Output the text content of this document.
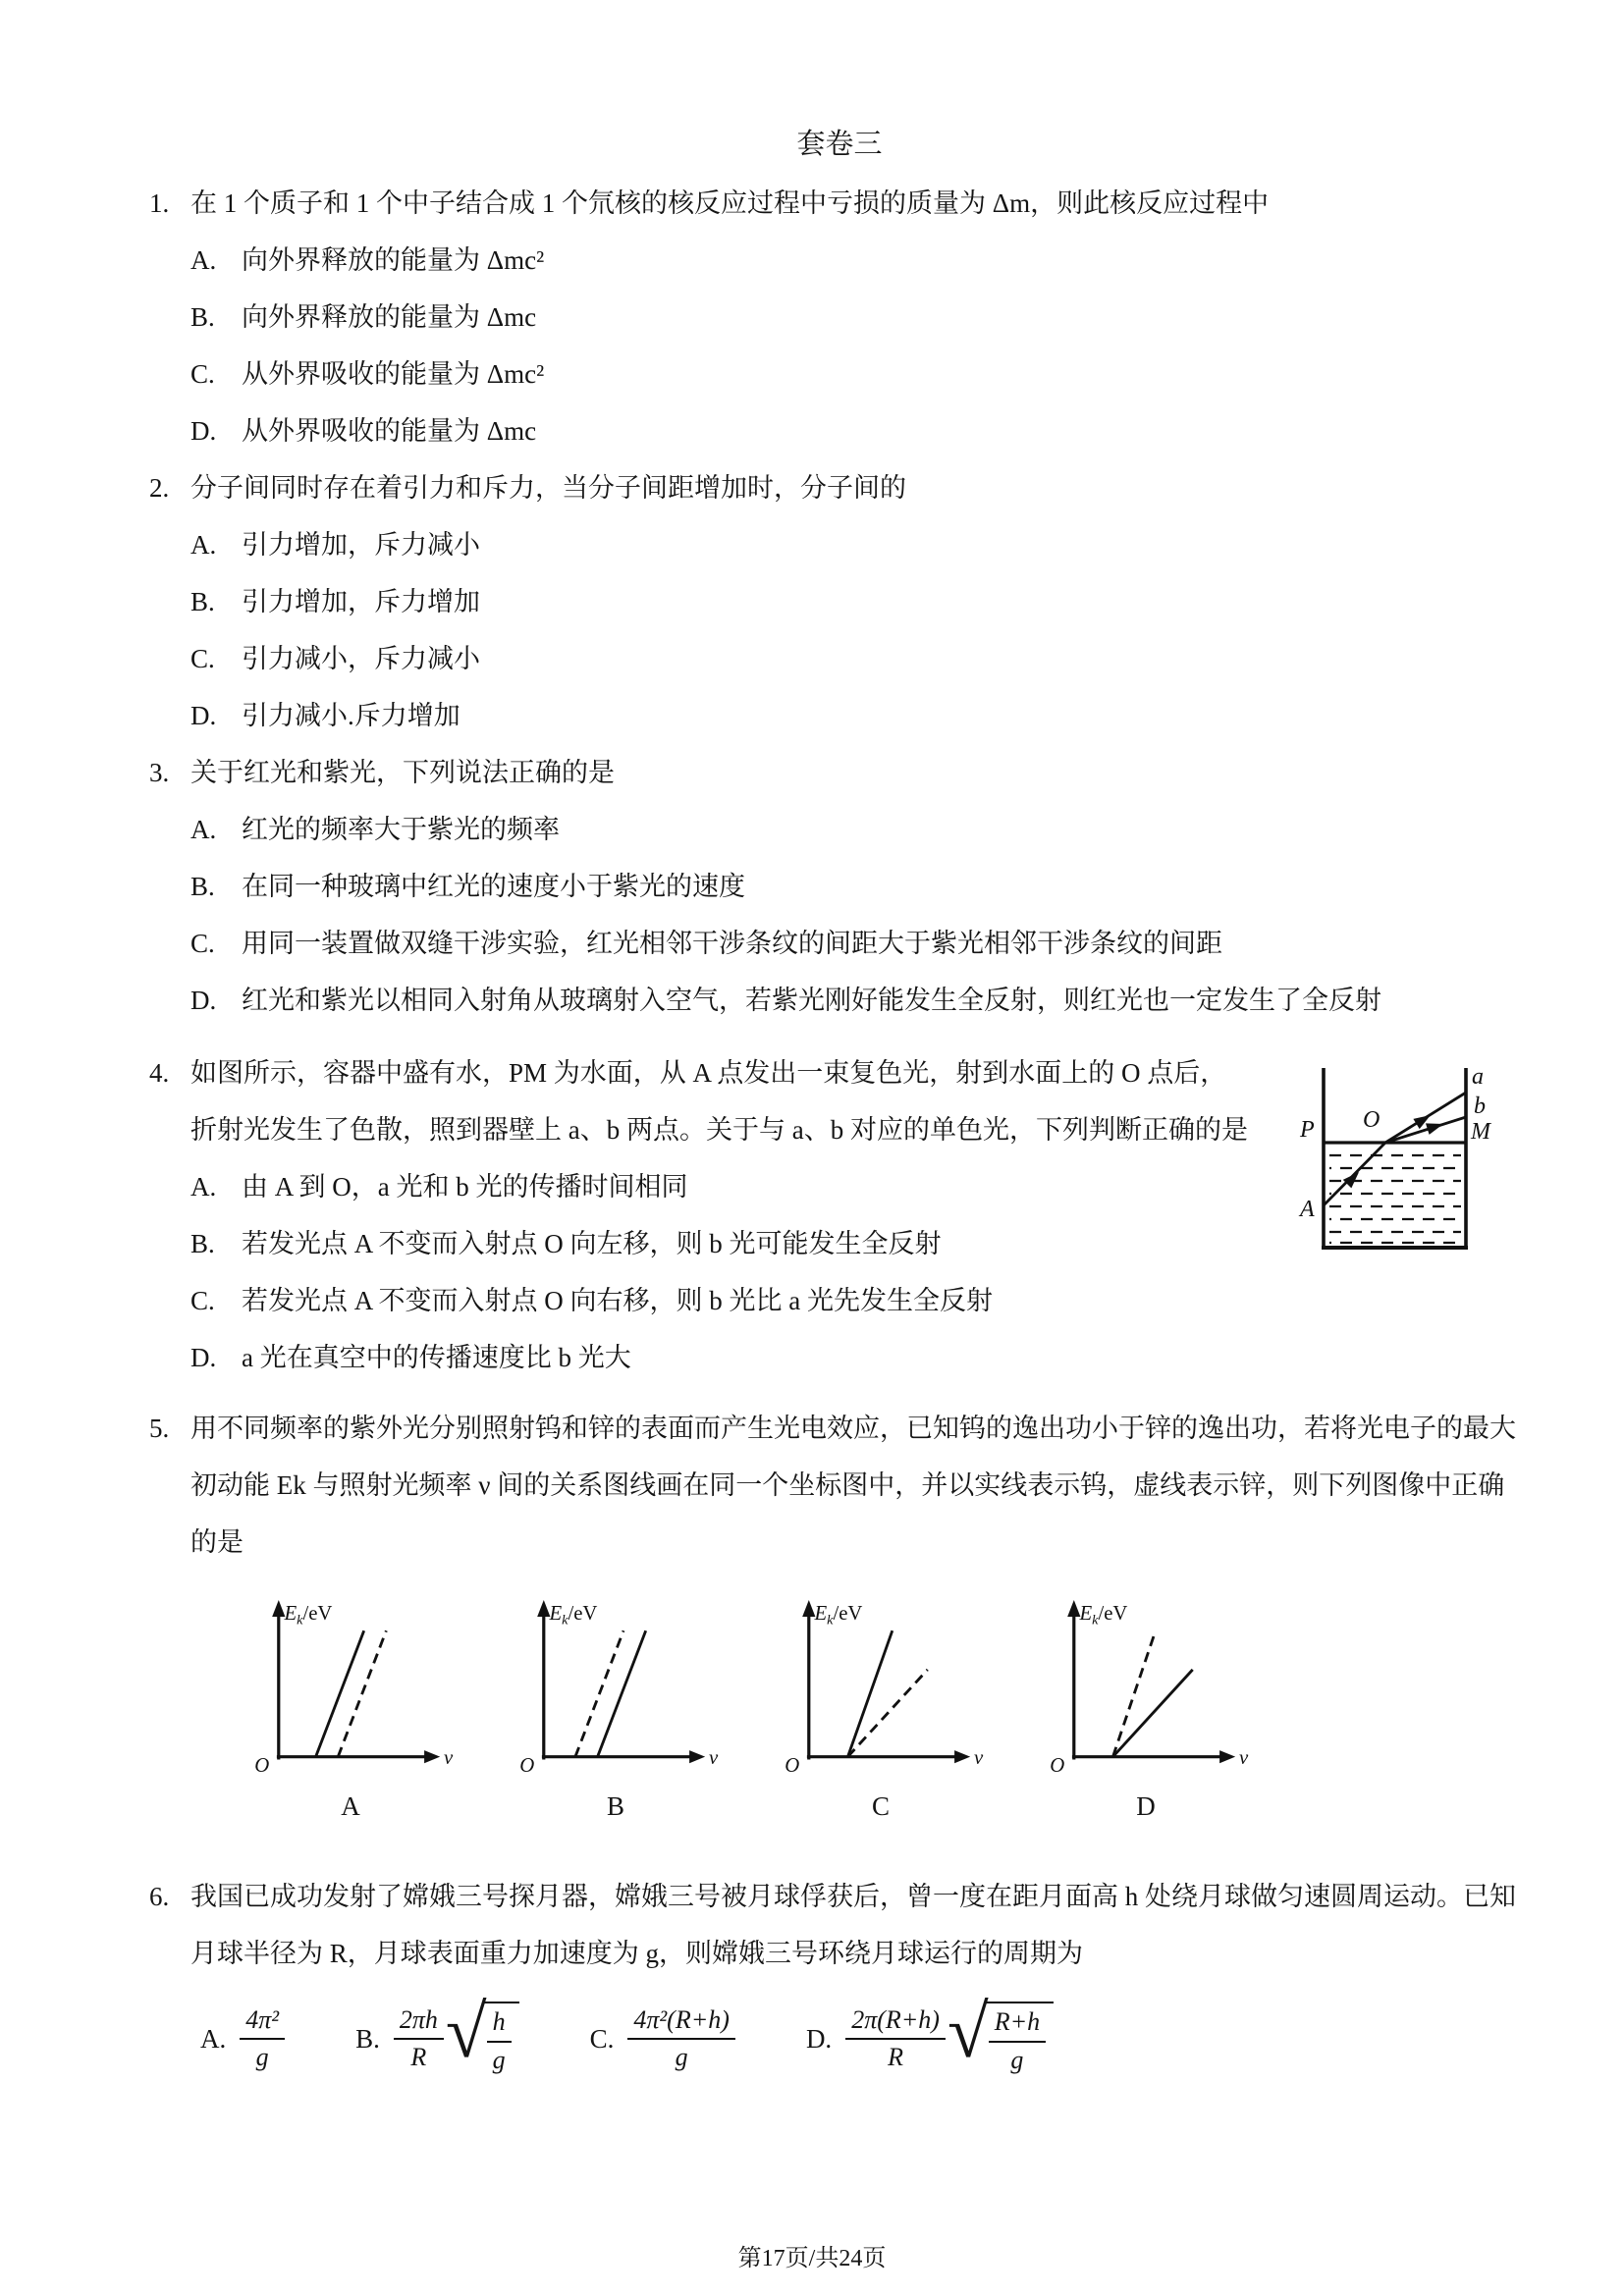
套卷三
1. 在 1 个质子和 1 个中子结合成 1 个氘核的核反应过程中亏损的质量为 Δm，则此核反应过程中
A. 向外界释放的能量为 Δmc²
B.	向外界释放的能量为 Δmc
C.	从外界吸收的能量为 Δmc²
D. 从外界吸收的能量为 Δmc
2. 分子间同时存在着引力和斥力，当分子间距增加时，分子间的
A. 引力增加，斥力减小
B.	引力增加，斥力增加
C.	引力减小，斥力减小
D. 引力减小.斥力增加
3. 关于红光和紫光，下列说法正确的是
A. 红光的频率大于紫光的频率
B.	在同一种玻璃中红光的速度小于紫光的速度
C.	用同一装置做双缝干涉实验，红光相邻干涉条纹的间距大于紫光相邻干涉条纹的间距
D. 红光和紫光以相同入射角从玻璃射入空气，若紫光刚好能发生全反射，则红光也一定发生了全反射
4.
P	M
O
A
a
b
如图所示，容器中盛有水，PM 为水面，从 A 点发出一束复色光，射到水面上的 O 点后，折射光发生了色散，照到器壁上 a、b 两点。关于与 a、b 对应的单色光，下列判断正确的是
A. 由 A 到 O，a 光和 b 光的传播时间相同
B.	若发光点 A 不变而入射点 O 向左移，则 b 光可能发生全反射
C.	若发光点 A 不变而入射点 O 向右移，则 b 光比 a 光先发生全反射
D. a 光在真空中的传播速度比 b 光大
5. 用不同频率的紫外光分别照射钨和锌的表面而产生光电效应，已知钨的逸出功小于锌的逸出功，若将光电子的最大初动能 Ek 与照射光频率 ν 间的关系图线画在同一个坐标图中，并以实线表示钨，虚线表示锌，则下列图像中正确的是
$E_k/eV$
v
O
A
$E_k/eV$
v
O
B
$E_k/eV$
v
O
C
$E_k/eV$
v
O
D
6. 我国已成功发射了嫦娥三号探月器，嫦娥三号被月球俘获后，曾一度在距月面高 h 处绕月球做匀速圆周运动。已知月球半径为 R，月球表面重力加速度为 g，则嫦娥三号环绕月球运行的周期为
A. $\frac{\text{4π²}}{g}$	B. $\frac{2\pi h}{R}$ √ $\frac{h}{g}$	C. $\frac{\text{4π²(R+h)}}{g}$	D. $\frac{2\pi(R+h)}{R}$ √ $\frac{R+h}{g}$
第17页/共24页
